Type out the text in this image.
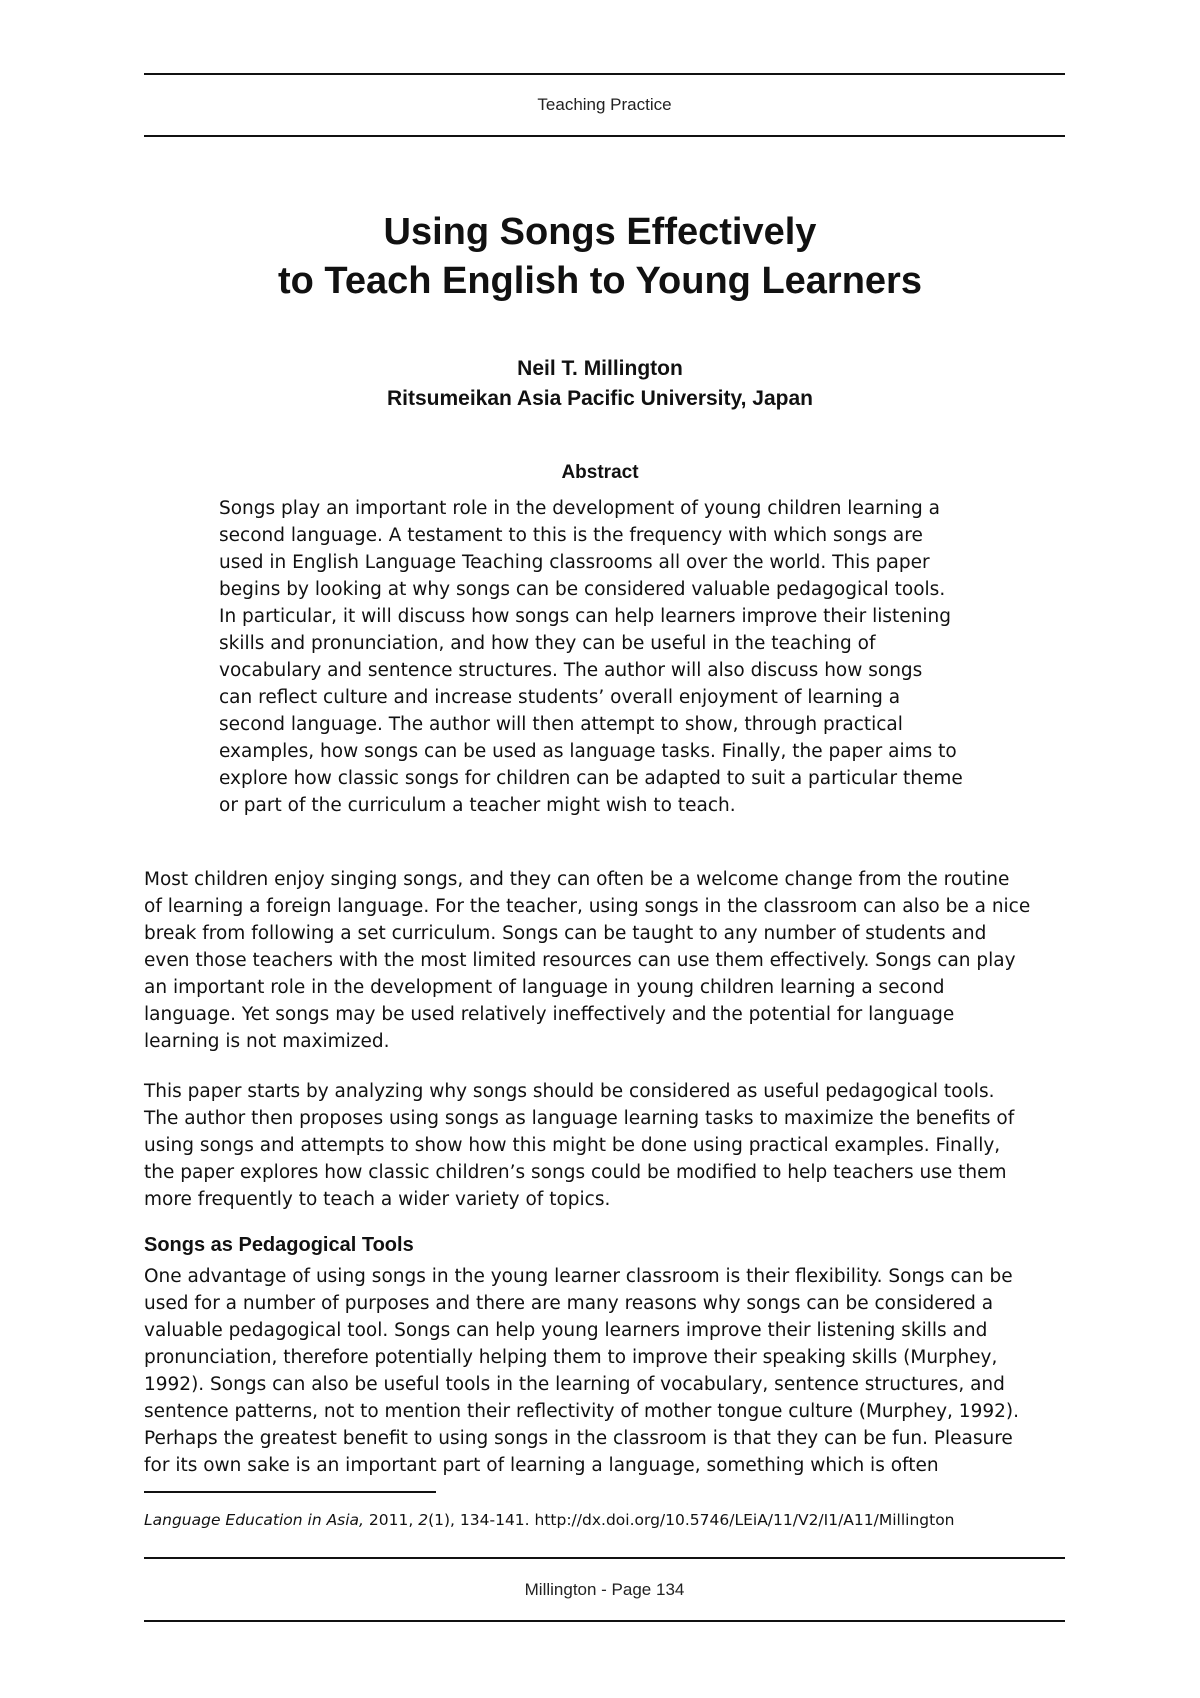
Teaching Practice
Using Songs Effectively
to Teach English to Young Learners
Neil T. Millington
Ritsumeikan Asia Pacific University, Japan
Abstract
Songs play an important role in the development of young children learning a
second language. A testament to this is the frequency with which songs are
used in English Language Teaching classrooms all over the world. This paper
begins by looking at why songs can be considered valuable pedagogical tools.
In particular, it will discuss how songs can help learners improve their listening
skills and pronunciation, and how they can be useful in the teaching of
vocabulary and sentence structures. The author will also discuss how songs
can reflect culture and increase students’ overall enjoyment of learning a
second language. The author will then attempt to show, through practical
examples, how songs can be used as language tasks. Finally, the paper aims to
explore how classic songs for children can be adapted to suit a particular theme
or part of the curriculum a teacher might wish to teach.
Most children enjoy singing songs, and they can often be a welcome change from the routine
of learning a foreign language. For the teacher, using songs in the classroom can also be a nice
break from following a set curriculum. Songs can be taught to any number of students and
even those teachers with the most limited resources can use them effectively. Songs can play
an important role in the development of language in young children learning a second
language. Yet songs may be used relatively ineffectively and the potential for language
learning is not maximized.
This paper starts by analyzing why songs should be considered as useful pedagogical tools.
The author then proposes using songs as language learning tasks to maximize the benefits of
using songs and attempts to show how this might be done using practical examples. Finally,
the paper explores how classic children’s songs could be modified to help teachers use them
more frequently to teach a wider variety of topics.
Songs as Pedagogical Tools
One advantage of using songs in the young learner classroom is their flexibility. Songs can be
used for a number of purposes and there are many reasons why songs can be considered a
valuable pedagogical tool. Songs can help young learners improve their listening skills and
pronunciation, therefore potentially helping them to improve their speaking skills (Murphey,
1992). Songs can also be useful tools in the learning of vocabulary, sentence structures, and
sentence patterns, not to mention their reflectivity of mother tongue culture (Murphey, 1992).
Perhaps the greatest benefit to using songs in the classroom is that they can be fun. Pleasure
for its own sake is an important part of learning a language, something which is often
Language Education in Asia, 2011, 2(1), 134-141. http://dx.doi.org/10.5746/LEiA/11/V2/I1/A11/Millington
Millington - Page 134
